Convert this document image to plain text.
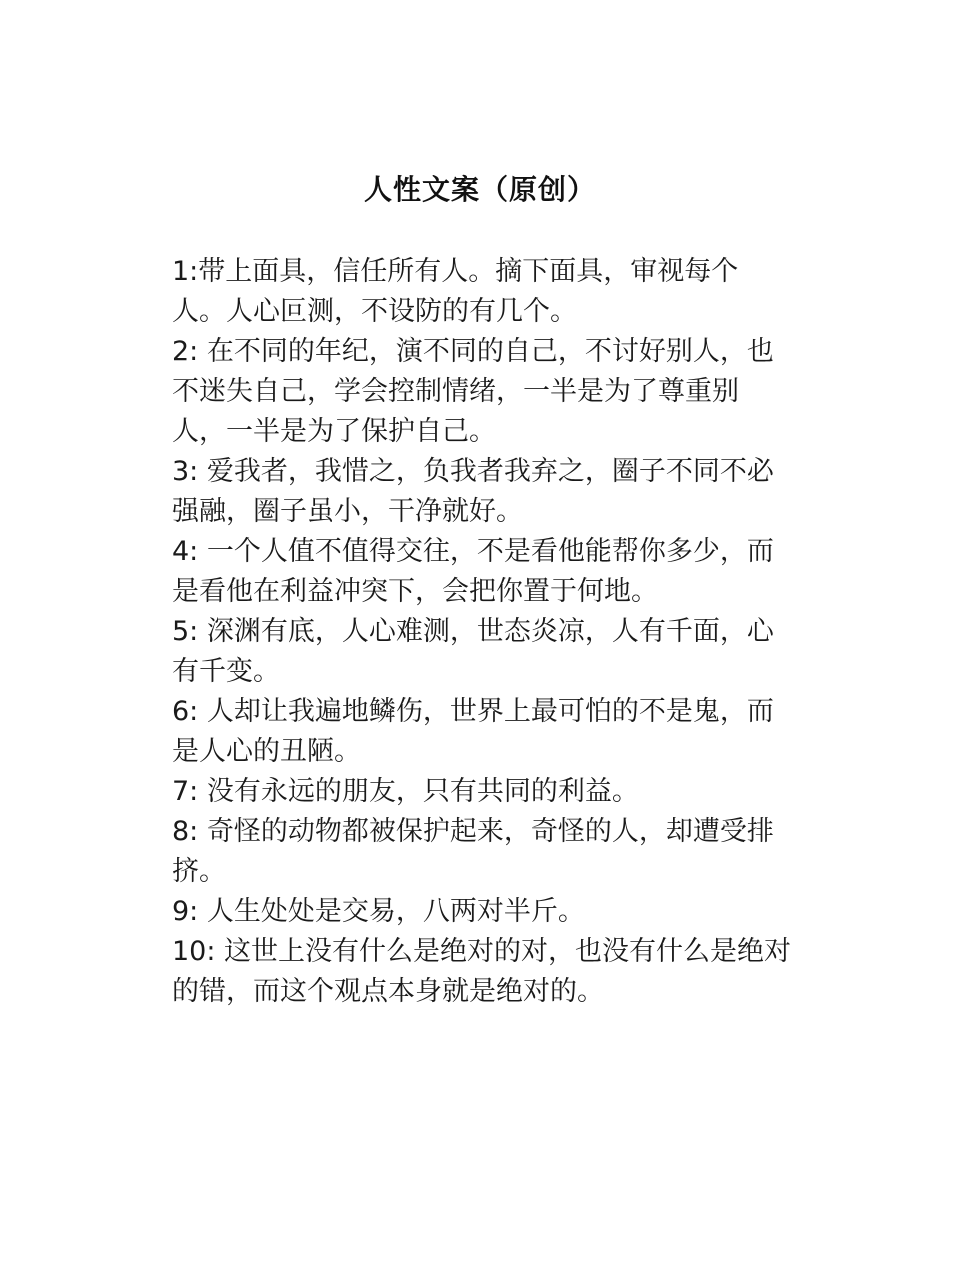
人性文案（原创）

1:带上面具，信任所有人。摘下面具，审视每个人。人心叵测，不设防的有几个。

2: 在不同的年纪，演不同的自己，不讨好别人，也不迷失自己，学会控制情绪，一半是为了尊重别人，一半是为了保护自己。

3: 爱我者，我惜之，负我者我弃之，圈子不同不必强融，圈子虽小，干净就好。

4: 一个人值不值得交往，不是看他能帮你多少，而是看他在利益冲突下，会把你置于何地。

5: 深渊有底，人心难测，世态炎凉，人有千面，心有千变。

6: 人却让我遍地鳞伤，世界上最可怕的不是鬼，而是人心的丑陋。

7: 没有永远的朋友，只有共同的利益。

8: 奇怪的动物都被保护起来，奇怪的人，却遭受排挤。

9: 人生处处是交易，八两对半斤。

10: 这世上没有什么是绝对的对，也没有什么是绝对的错，而这个观点本身就是绝对的。
